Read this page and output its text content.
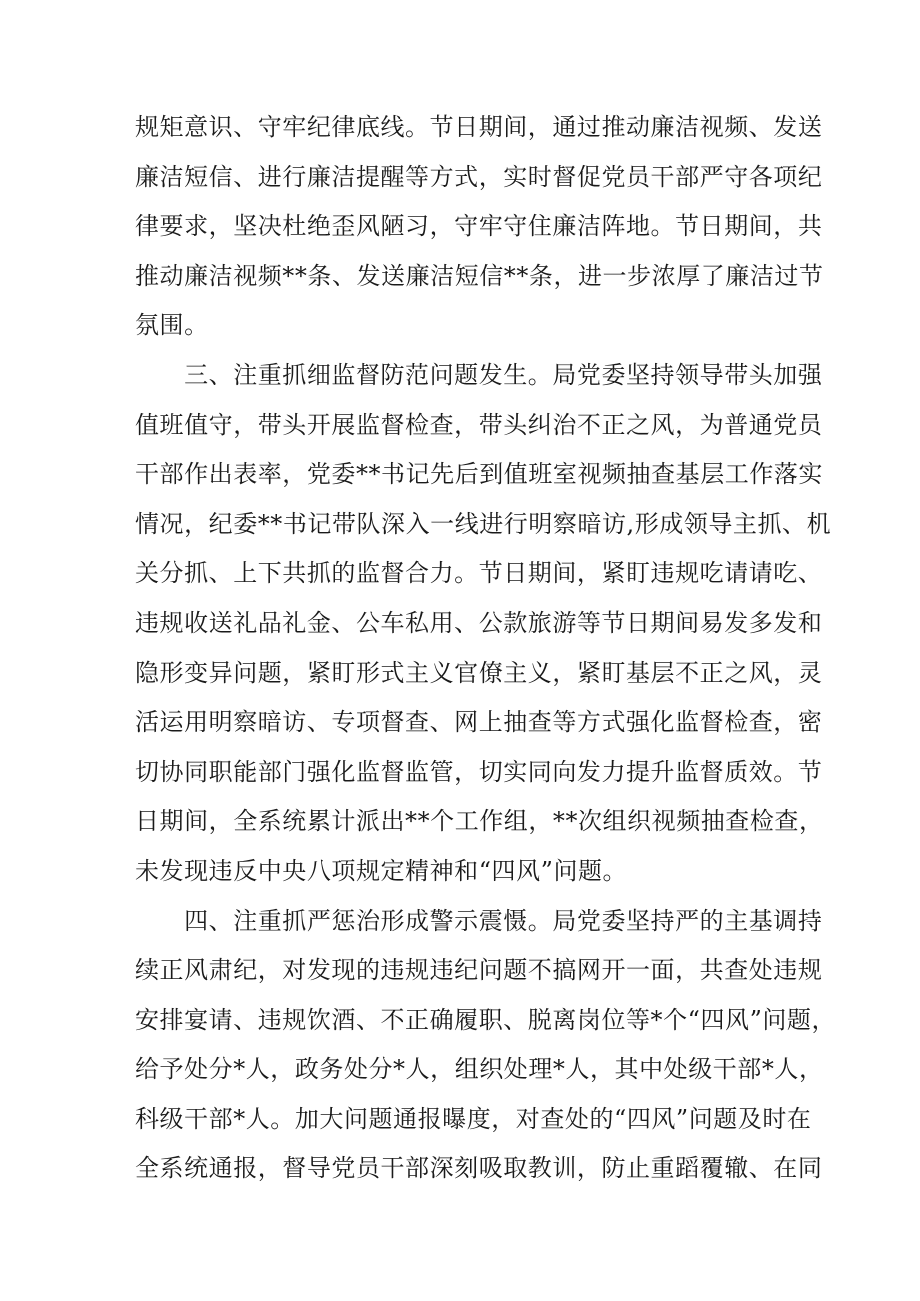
规矩意识、守牢纪律底线。节日期间，通过推动廉洁视频、发送
廉洁短信、进行廉洁提醒等方式，实时督促党员干部严守各项纪
律要求，坚决杜绝歪风陋习，守牢守住廉洁阵地。节日期间，共
推动廉洁视频**条、发送廉洁短信**条，进一步浓厚了廉洁过节
氛围。
　　三、注重抓细监督防范问题发生。局党委坚持领导带头加强
值班值守，带头开展监督检查，带头纠治不正之风，为普通党员
干部作出表率，党委**书记先后到值班室视频抽查基层工作落实
情况，纪委**书记带队深入一线进行明察暗访,形成领导主抓、机
关分抓、上下共抓的监督合力。节日期间，紧盯违规吃请请吃、
违规收送礼品礼金、公车私用、公款旅游等节日期间易发多发和
隐形变异问题，紧盯形式主义官僚主义，紧盯基层不正之风，灵
活运用明察暗访、专项督查、网上抽查等方式强化监督检查，密
切协同职能部门强化监督监管，切实同向发力提升监督质效。节
日期间，全系统累计派出**个工作组，**次组织视频抽查检查，
未发现违反中央八项规定精神和“四风”问题。
　　四、注重抓严惩治形成警示震慑。局党委坚持严的主基调持
续正风肃纪，对发现的违规违纪问题不搞网开一面，共查处违规
安排宴请、违规饮酒、不正确履职、脱离岗位等*个“四风”问题，
给予处分*人，政务处分*人，组织处理*人，其中处级干部*人，
科级干部*人。加大问题通报曝度，对查处的“四风”问题及时在
全系统通报，督导党员干部深刻吸取教训，防止重蹈覆辙、在同
